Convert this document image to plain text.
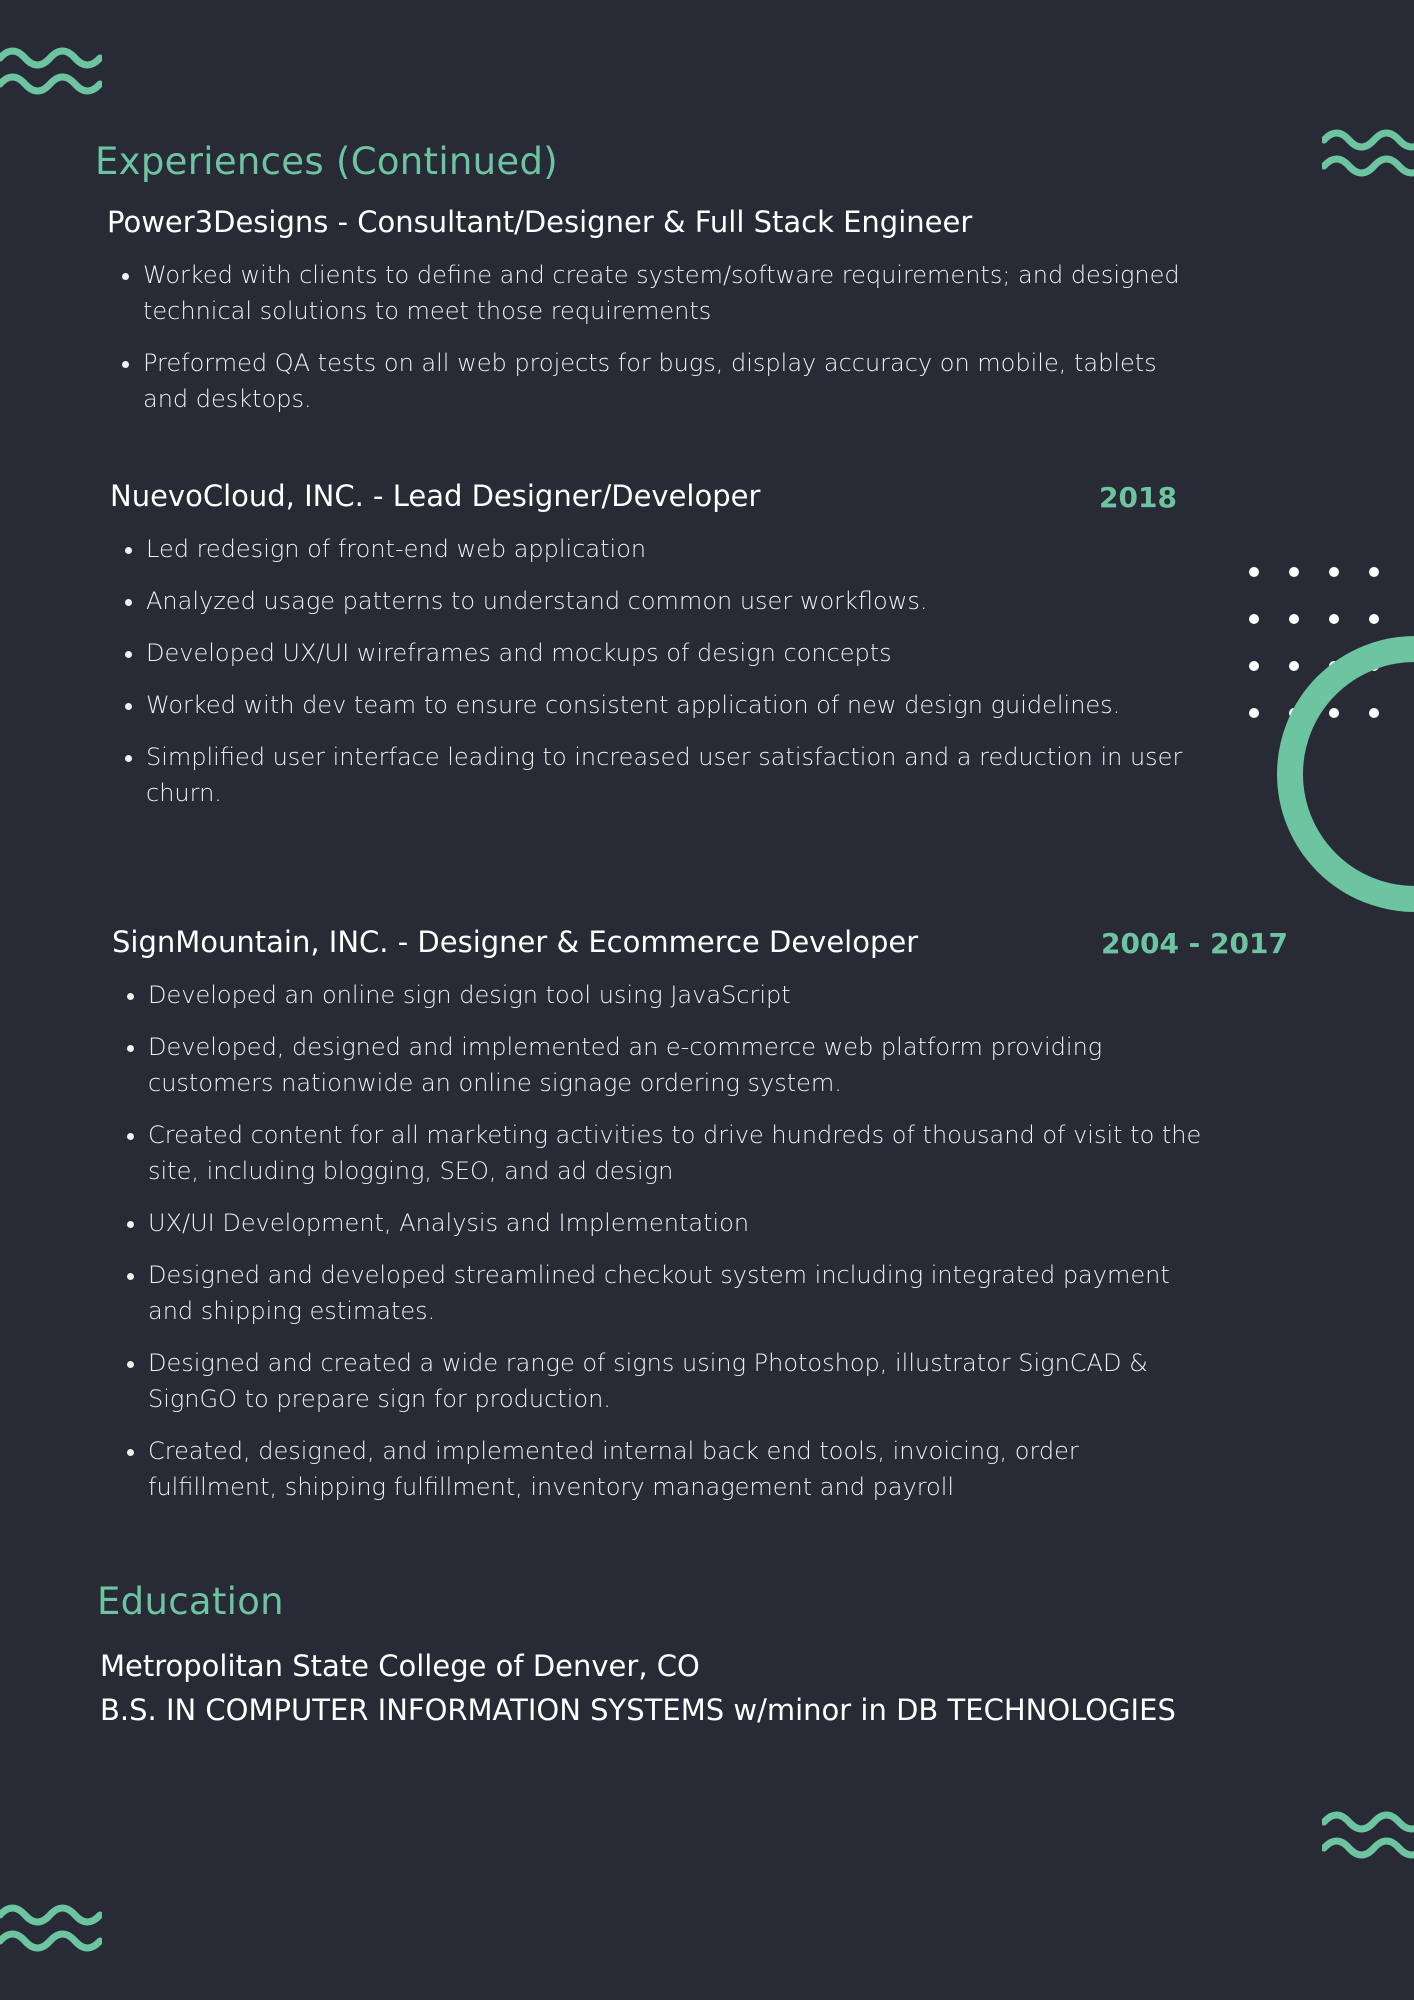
Experiences (Continued)
Power3Designs - Consultant/Designer & Full Stack Engineer
• Worked with clients to define and create system/software requirements; and designed technical solutions to meet those requirements
• Preformed QA tests on all web projects for bugs, display accuracy on mobile, tablets and desktops.
NuevoCloud, INC. - Lead Designer/Developer	2018
• Led redesign of front-end web application
• Analyzed usage patterns to understand common user workflows.
• Developed UX/UI wireframes and mockups of design concepts
• Worked with dev team to ensure consistent application of new design guidelines.
• Simplified user interface leading to increased user satisfaction and a reduction in user churn.
SignMountain, INC. - Designer & Ecommerce Developer	2004 - 2017
• Developed an online sign design tool using JavaScript
• Developed, designed and implemented an e-commerce web platform providing customers nationwide an online signage ordering system.
• Created content for all marketing activities to drive hundreds of thousand of visit to the site, including blogging, SEO, and ad design
• UX/UI Development, Analysis and Implementation
• Designed and developed streamlined checkout system including integrated payment and shipping estimates.
• Designed and created a wide range of signs using Photoshop, illustrator SignCAD & SignGO to prepare sign for production.
• Created, designed, and implemented internal back end tools, invoicing, order fulfillment, shipping fulfillment, inventory management and payroll
Education
Metropolitan State College of Denver, CO
B.S. IN COMPUTER INFORMATION SYSTEMS w/minor in DB TECHNOLOGIES
